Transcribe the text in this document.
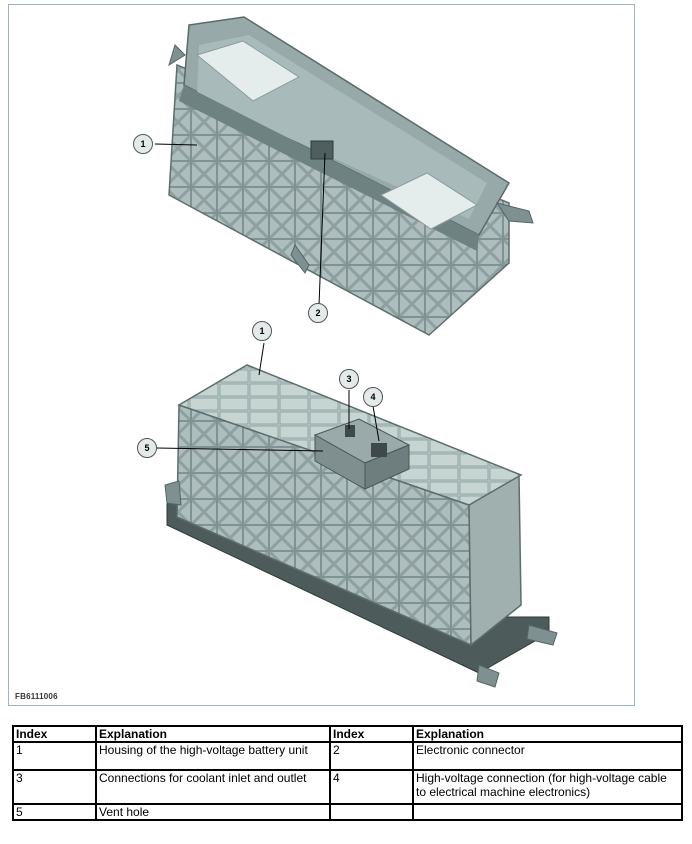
1
2
1
3
4
5
FB6111006
Index	Explanation	Index	Explanation
1	Housing of the high-voltage battery unit	2	Electronic connector
3	Connections for coolant inlet and outlet	4	High-voltage connection (for high-voltage cable to electrical machine electronics)
5	Vent hole		
